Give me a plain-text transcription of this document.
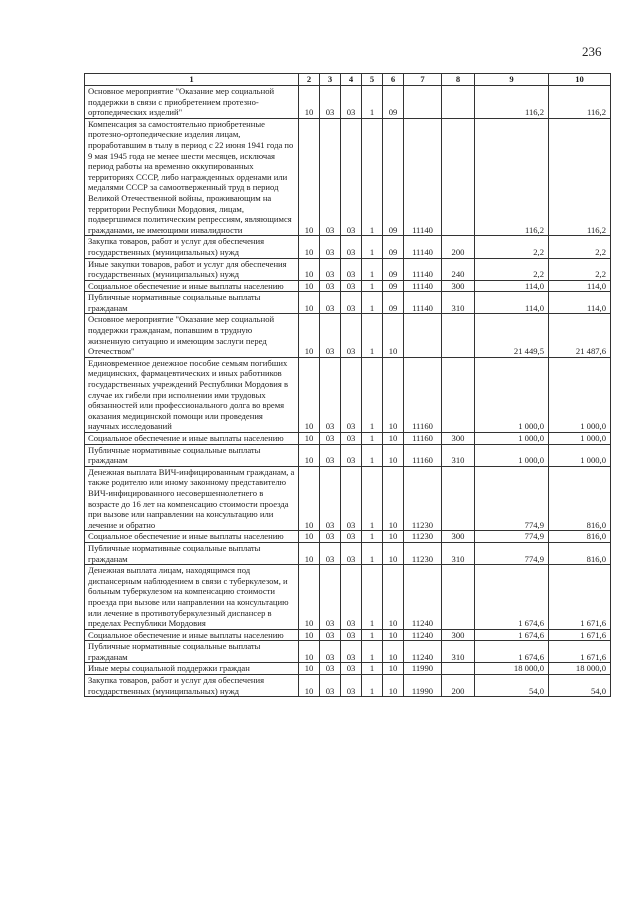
236
1	2	3	4	5	6	7	8	9	10
Основное мероприятие "Оказание мер социальной поддержки в связи с приобретением протезно-ортопедических изделий"	10	03	03	1	09			116,2	116,2
Компенсация за самостоятельно приобретенные протезно-ортопедические изделия лицам, проработавшим в тылу в период с 22 июня 1941 года по 9 мая 1945 года не менее шести месяцев, исключая период работы на временно оккупированных территориях СССР, либо награжденных орденами или медалями СССР за самоотверженный труд в период Великой Отечественной войны, проживающим на территории Республики Мордовия, лицам, подвергшимся политическим репрессиям, являющимся гражданами, не имеющими инвалидности	10	03	03	1	09	11140		116,2	116,2
Закупка товаров, работ и услуг для обеспечения государственных (муниципальных) нужд	10	03	03	1	09	11140	200	2,2	2,2
Иные закупки товаров, работ и услуг для обеспечения государственных (муниципальных) нужд	10	03	03	1	09	11140	240	2,2	2,2
Социальное обеспечение и иные выплаты населению	10	03	03	1	09	11140	300	114,0	114,0
Публичные нормативные социальные выплаты гражданам	10	03	03	1	09	11140	310	114,0	114,0
Основное мероприятие "Оказание мер социальной поддержки гражданам, попавшим в трудную жизненную ситуацию и имеющим заслуги перед Отечеством"	10	03	03	1	10			21 449,5	21 487,6
Единовременное денежное пособие семьям погибших медицинских, фармацевтических и иных работников государственных учреждений Республики Мордовия в случае их гибели при исполнении ими трудовых обязанностей или профессионального долга во время оказания медицинской помощи или проведения научных исследований	10	03	03	1	10	11160		1 000,0	1 000,0
Социальное обеспечение и иные выплаты населению	10	03	03	1	10	11160	300	1 000,0	1 000,0
Публичные нормативные социальные выплаты гражданам	10	03	03	1	10	11160	310	1 000,0	1 000,0
Денежная выплата ВИЧ-инфицированным гражданам, а также родителю или иному законному представителю ВИЧ-инфицированного несовершеннолетнего в возрасте до 16 лет на компенсацию стоимости проезда при вызове или направлении на консультацию или лечение и обратно	10	03	03	1	10	11230		774,9	816,0
Социальное обеспечение и иные выплаты населению	10	03	03	1	10	11230	300	774,9	816,0
Публичные нормативные социальные выплаты гражданам	10	03	03	1	10	11230	310	774,9	816,0
Денежная выплата лицам, находящимся под диспансерным наблюдением в связи с туберкулезом, и больным туберкулезом на компенсацию стоимости проезда при вызове или направлении на консультацию или лечение в противотуберкулезный диспансер в пределах Республики Мордовия	10	03	03	1	10	11240		1 674,6	1 671,6
Социальное обеспечение и иные выплаты населению	10	03	03	1	10	11240	300	1 674,6	1 671,6
Публичные нормативные социальные выплаты гражданам	10	03	03	1	10	11240	310	1 674,6	1 671,6
Иные меры социальной поддержки граждан	10	03	03	1	10	11990		18 000,0	18 000,0
Закупка товаров, работ и услуг для обеспечения государственных (муниципальных) нужд	10	03	03	1	10	11990	200	54,0	54,0
